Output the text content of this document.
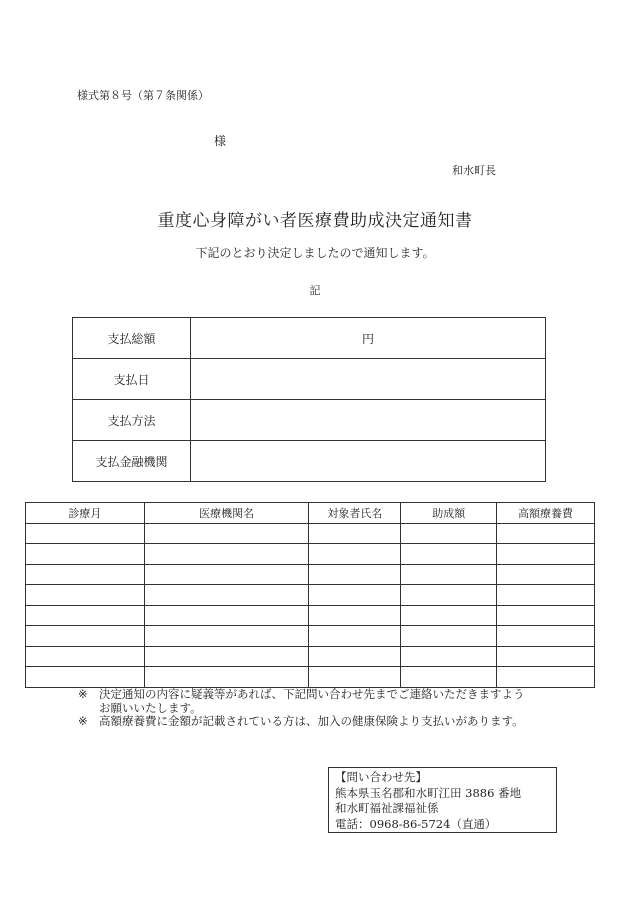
様式第８号（第７条関係）
様
和水町長
重度心身障がい者医療費助成決定通知書
下記のとおり決定しましたので通知します。
記
支払総額	円
支払日	
支払方法	
支払金融機関	
診療月	医療機関名	対象者氏名	助成額	高額療養費

※ 決定通知の内容に疑義等があれば、下記問い合わせ先までご連絡いただきますよう
お願いいたします。
※ 高額療養費に金額が記載されている方は、加入の健康保険より支払いがあります。
【問い合わせ先】
熊本県玉名郡和水町江田 3886 番地
和水町福祉課福祉係
電話：0968-86-5724（直通）
